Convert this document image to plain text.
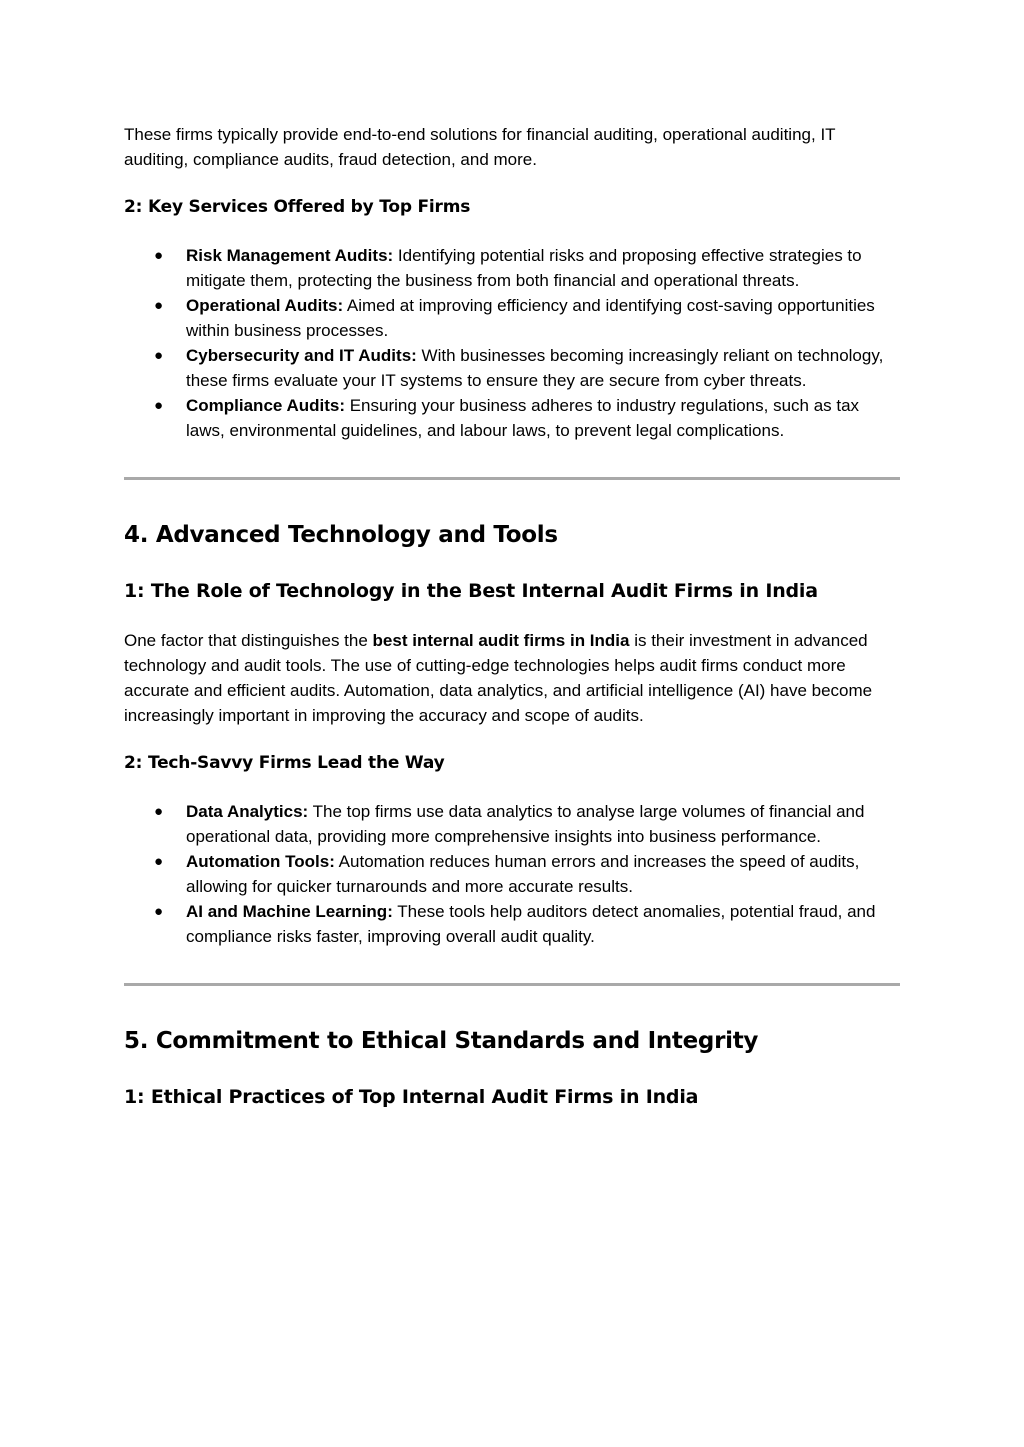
These firms typically provide end-to-end solutions for financial auditing, operational auditing, IT auditing, compliance audits, fraud detection, and more.

2: Key Services Offered by Top Firms
● Risk Management Audits: Identifying potential risks and proposing effective strategies to mitigate them, protecting the business from both financial and operational threats.
● Operational Audits: Aimed at improving efficiency and identifying cost-saving opportunities within business processes.
● Cybersecurity and IT Audits: With businesses becoming increasingly reliant on technology, these firms evaluate your IT systems to ensure they are secure from cyber threats.
● Compliance Audits: Ensuring your business adheres to industry regulations, such as tax laws, environmental guidelines, and labour laws, to prevent legal complications.
4. Advanced Technology and Tools
1: The Role of Technology in the Best Internal Audit Firms in India

One factor that distinguishes the best internal audit firms in India is their investment in advanced technology and audit tools. The use of cutting-edge technologies helps audit firms conduct more accurate and efficient audits. Automation, data analytics, and artificial intelligence (AI) have become increasingly important in improving the accuracy and scope of audits.

2: Tech-Savvy Firms Lead the Way
● Data Analytics: The top firms use data analytics to analyse large volumes of financial and operational data, providing more comprehensive insights into business performance.
● Automation Tools: Automation reduces human errors and increases the speed of audits, allowing for quicker turnarounds and more accurate results.
● AI and Machine Learning: These tools help auditors detect anomalies, potential fraud, and compliance risks faster, improving overall audit quality.
5. Commitment to Ethical Standards and Integrity
1: Ethical Practices of Top Internal Audit Firms in India
